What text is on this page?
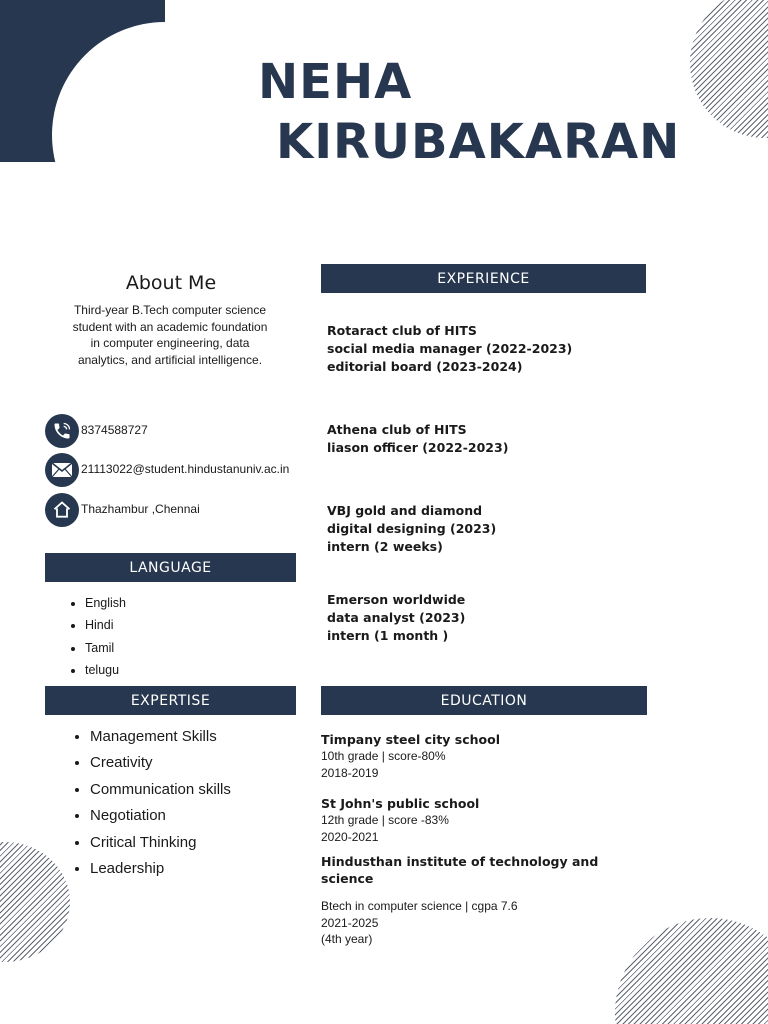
NEHA
KIRUBAKARAN
About Me
Third-year B.Tech computer science student with an academic foundation in computer engineering, data analytics, and artificial intelligence.
8374588727
21113022@student.hindustanuniv.ac.in
Thazhambur ,Chennai
LANGUAGE
• English
• Hindi
• Tamil
• telugu
EXPERTISE
• Management Skills
• Creativity
• Communication skills
• Negotiation
• Critical Thinking
• Leadership
EXPERIENCE
Rotaract club of HITS
social media manager (2022-2023)
editorial board (2023-2024)
Athena club of HITS
liason officer (2022-2023)
VBJ gold and diamond
digital designing (2023)
intern (2 weeks)
Emerson worldwide
data analyst (2023)
intern (1 month )
EDUCATION
Timpany steel city school
10th grade | score-80%
2018-2019
St John's public school
12th grade | score -83%
2020-2021
Hindusthan institute of technology and science
Btech in computer science | cgpa 7.6
2021-2025
(4th year)
